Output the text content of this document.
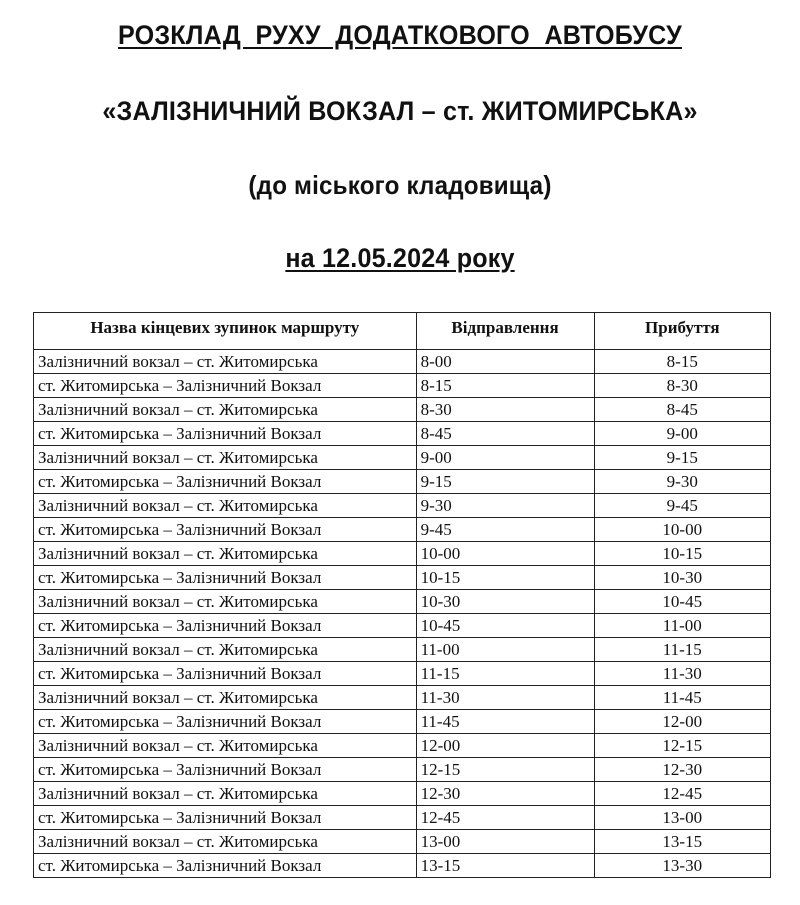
РОЗКЛАД РУХУ ДОДАТКОВОГО АВТОБУСУ
«ЗАЛІЗНИЧНИЙ ВОКЗАЛ – ст. ЖИТОМИРСЬКА»
(до міського кладовища)
на 12.05.2024 року
Назва кінцевих зупинок маршруту	Відправлення	Прибуття
Залізничний вокзал – ст. Житомирська	8-00	8-15
ст. Житомирська – Залізничний Вокзал	8-15	8-30
Залізничний вокзал – ст. Житомирська	8-30	8-45
ст. Житомирська – Залізничний Вокзал	8-45	9-00
Залізничний вокзал – ст. Житомирська	9-00	9-15
ст. Житомирська – Залізничний Вокзал	9-15	9-30
Залізничний вокзал – ст. Житомирська	9-30	9-45
ст. Житомирська – Залізничний Вокзал	9-45	10-00
Залізничний вокзал – ст. Житомирська	10-00	10-15
ст. Житомирська – Залізничний Вокзал	10-15	10-30
Залізничний вокзал – ст. Житомирська	10-30	10-45
ст. Житомирська – Залізничний Вокзал	10-45	11-00
Залізничний вокзал – ст. Житомирська	11-00	11-15
ст. Житомирська – Залізничний Вокзал	11-15	11-30
Залізничний вокзал – ст. Житомирська	11-30	11-45
ст. Житомирська – Залізничний Вокзал	11-45	12-00
Залізничний вокзал – ст. Житомирська	12-00	12-15
ст. Житомирська – Залізничний Вокзал	12-15	12-30
Залізничний вокзал – ст. Житомирська	12-30	12-45
ст. Житомирська – Залізничний Вокзал	12-45	13-00
Залізничний вокзал – ст. Житомирська	13-00	13-15
ст. Житомирська – Залізничний Вокзал	13-15	13-30
